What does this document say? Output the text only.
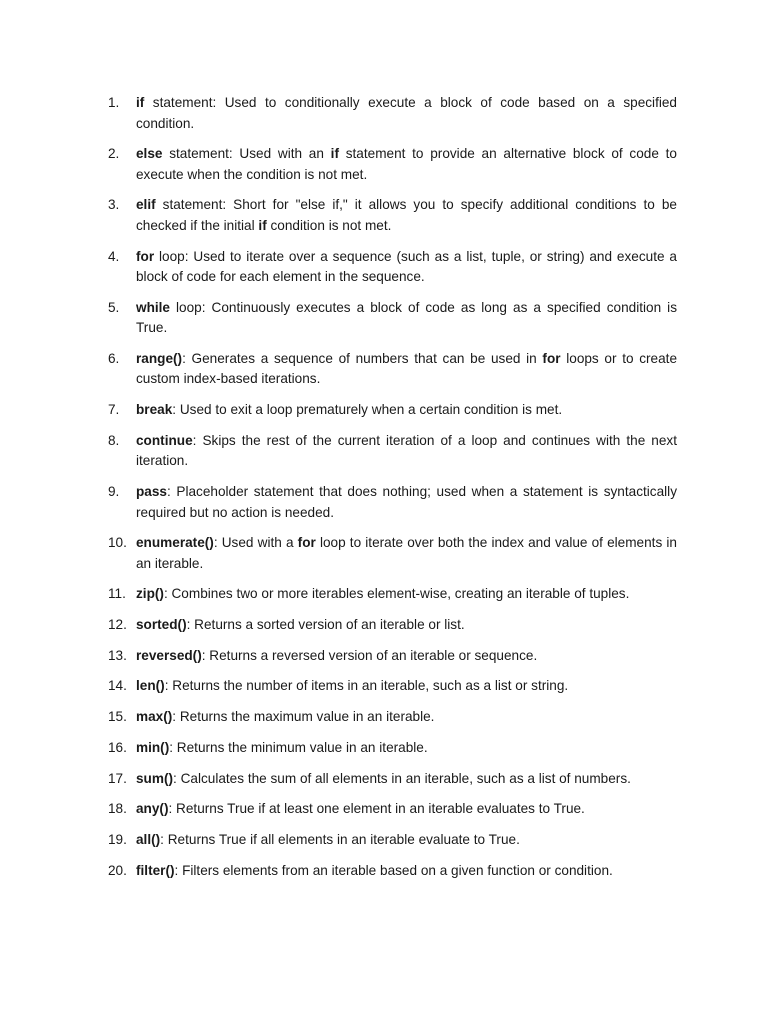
1.	if statement: Used to conditionally execute a block of code based on a specified condition.
2.	else statement: Used with an if statement to provide an alternative block of code to execute when the condition is not met.
3.	elif statement: Short for "else if," it allows you to specify additional conditions to be checked if the initial if condition is not met.
4.	for loop: Used to iterate over a sequence (such as a list, tuple, or string) and execute a block of code for each element in the sequence.
5.	while loop: Continuously executes a block of code as long as a specified condition is True.
6.	range(): Generates a sequence of numbers that can be used in for loops or to create custom index-based iterations.
7.	break: Used to exit a loop prematurely when a certain condition is met.
8.	continue: Skips the rest of the current iteration of a loop and continues with the next iteration.
9.	pass: Placeholder statement that does nothing; used when a statement is syntactically required but no action is needed.
10. enumerate(): Used with a for loop to iterate over both the index and value of elements in an iterable.
11. zip(): Combines two or more iterables element-wise, creating an iterable of tuples.
12. sorted(): Returns a sorted version of an iterable or list.
13. reversed(): Returns a reversed version of an iterable or sequence.
14. len(): Returns the number of items in an iterable, such as a list or string.
15. max(): Returns the maximum value in an iterable.
16. min(): Returns the minimum value in an iterable.
17. sum(): Calculates the sum of all elements in an iterable, such as a list of numbers.
18. any(): Returns True if at least one element in an iterable evaluates to True.
19. all(): Returns True if all elements in an iterable evaluate to True.
20. filter(): Filters elements from an iterable based on a given function or condition.
